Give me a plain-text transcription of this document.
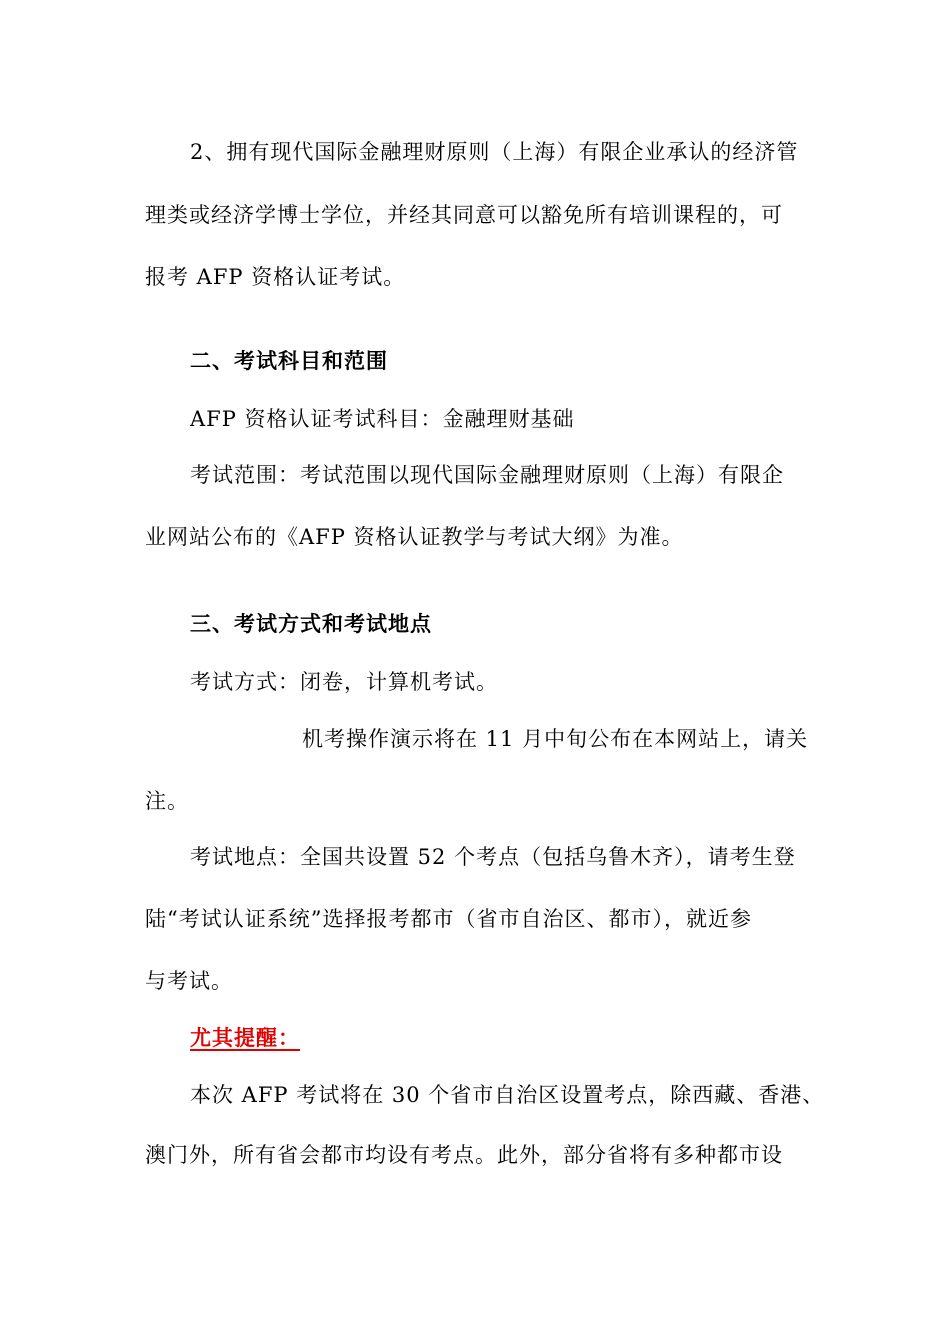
2、拥有现代国际金融理财原则（上海）有限企业承认的经济管
理类或经济学博士学位，并经其同意可以豁免所有培训课程的，可
报考 AFP 资格认证考试。
二、考试科目和范围
AFP 资格认证考试科目：金融理财基础
考试范围：考试范围以现代国际金融理财原则（上海）有限企
业网站公布的《AFP 资格认证教学与考试大纲》为准。
三、考试方式和考试地点
考试方式：闭卷，计算机考试。
机考操作演示将在 11 月中旬公布在本网站上，请关
注。
考试地点：全国共设置 52 个考点（包括乌鲁木齐），请考生登
陆“考试认证系统”选择报考都市（省市自治区、都市），就近参
与考试。
尤其提醒：
本次 AFP 考试将在 30 个省市自治区设置考点，除西藏、香港、
澳门外，所有省会都市均设有考点。此外，部分省将有多种都市设
